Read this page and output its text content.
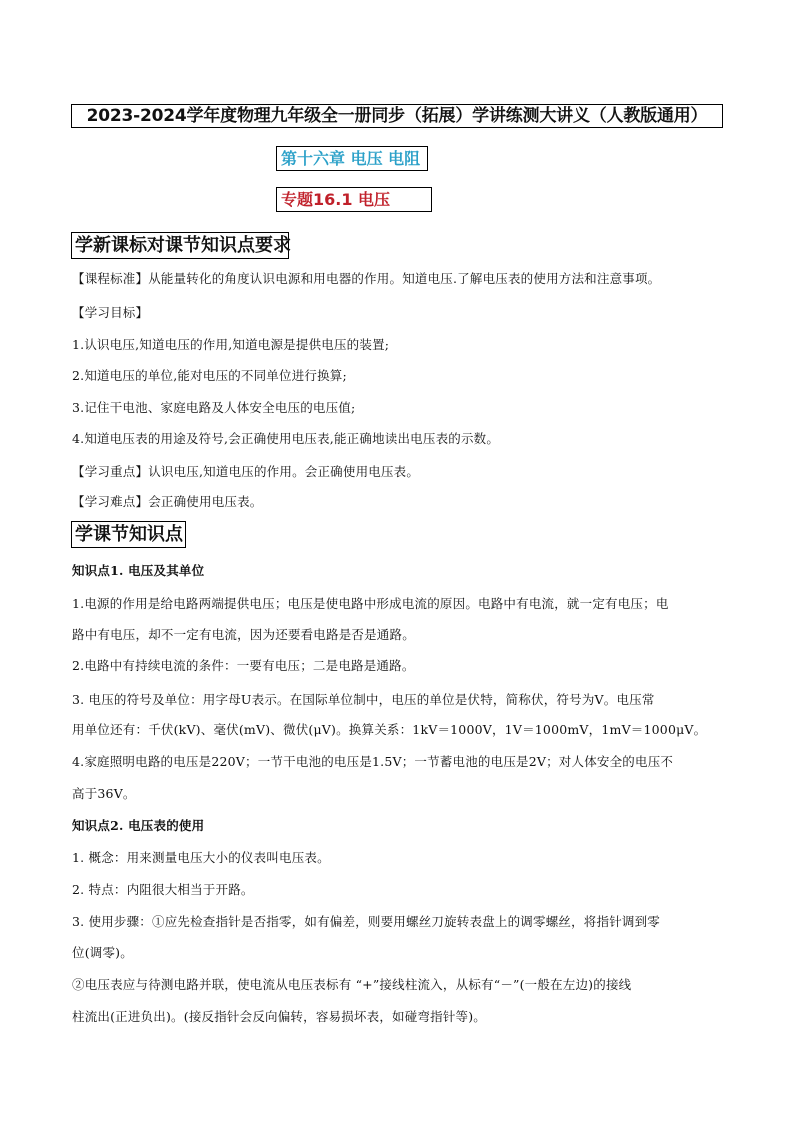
2023-2024学年度物理九年级全一册同步（拓展）学讲练测大讲义（人教版通用）
第十六章 电压 电阻
专题16.1 电压
学新课标对课节知识点要求
【课程标准】从能量转化的角度认识电源和用电器的作用。知道电压.了解电压表的使用方法和注意事项。
【学习目标】
1.认识电压,知道电压的作用,知道电源是提供电压的装置;
2.知道电压的单位,能对电压的不同单位进行换算;
3.记住干电池、家庭电路及人体安全电压的电压值;
4.知道电压表的用途及符号,会正确使用电压表,能正确地读出电压表的示数。
【学习重点】认识电压,知道电压的作用。会正确使用电压表。
【学习难点】会正确使用电压表。
学课节知识点
知识点1. 电压及其单位
1.电源的作用是给电路两端提供电压；电压是使电路中形成电流的原因。电路中有电流，就一定有电压；电
路中有电压，却不一定有电流，因为还要看电路是否是通路。
2.电路中有持续电流的条件：一要有电压；二是电路是通路。
3. 电压的符号及单位：用字母U表示。在国际单位制中，电压的单位是伏特，简称伏，符号为V。电压常
用单位还有：千伏(kV)、毫伏(mV)、微伏(μV)。换算关系：1kV＝1000V，1V＝1000mV，1mV＝1000μV。
4.家庭照明电路的电压是220V；一节干电池的电压是1.5V；一节蓄电池的电压是2V；对人体安全的电压不
高于36V。
知识点2. 电压表的使用
1. 概念：用来测量电压大小的仪表叫电压表。
2. 特点：内阻很大相当于开路。
3. 使用步骤：①应先检查指针是否指零，如有偏差，则要用螺丝刀旋转表盘上的调零螺丝，将指针调到零
位(调零)。
②电压表应与待测电路并联，使电流从电压表标有 “+”接线柱流入，从标有“－”(一般在左边)的接线
柱流出(正进负出)。(接反指针会反向偏转，容易损坏表，如碰弯指针等)。
